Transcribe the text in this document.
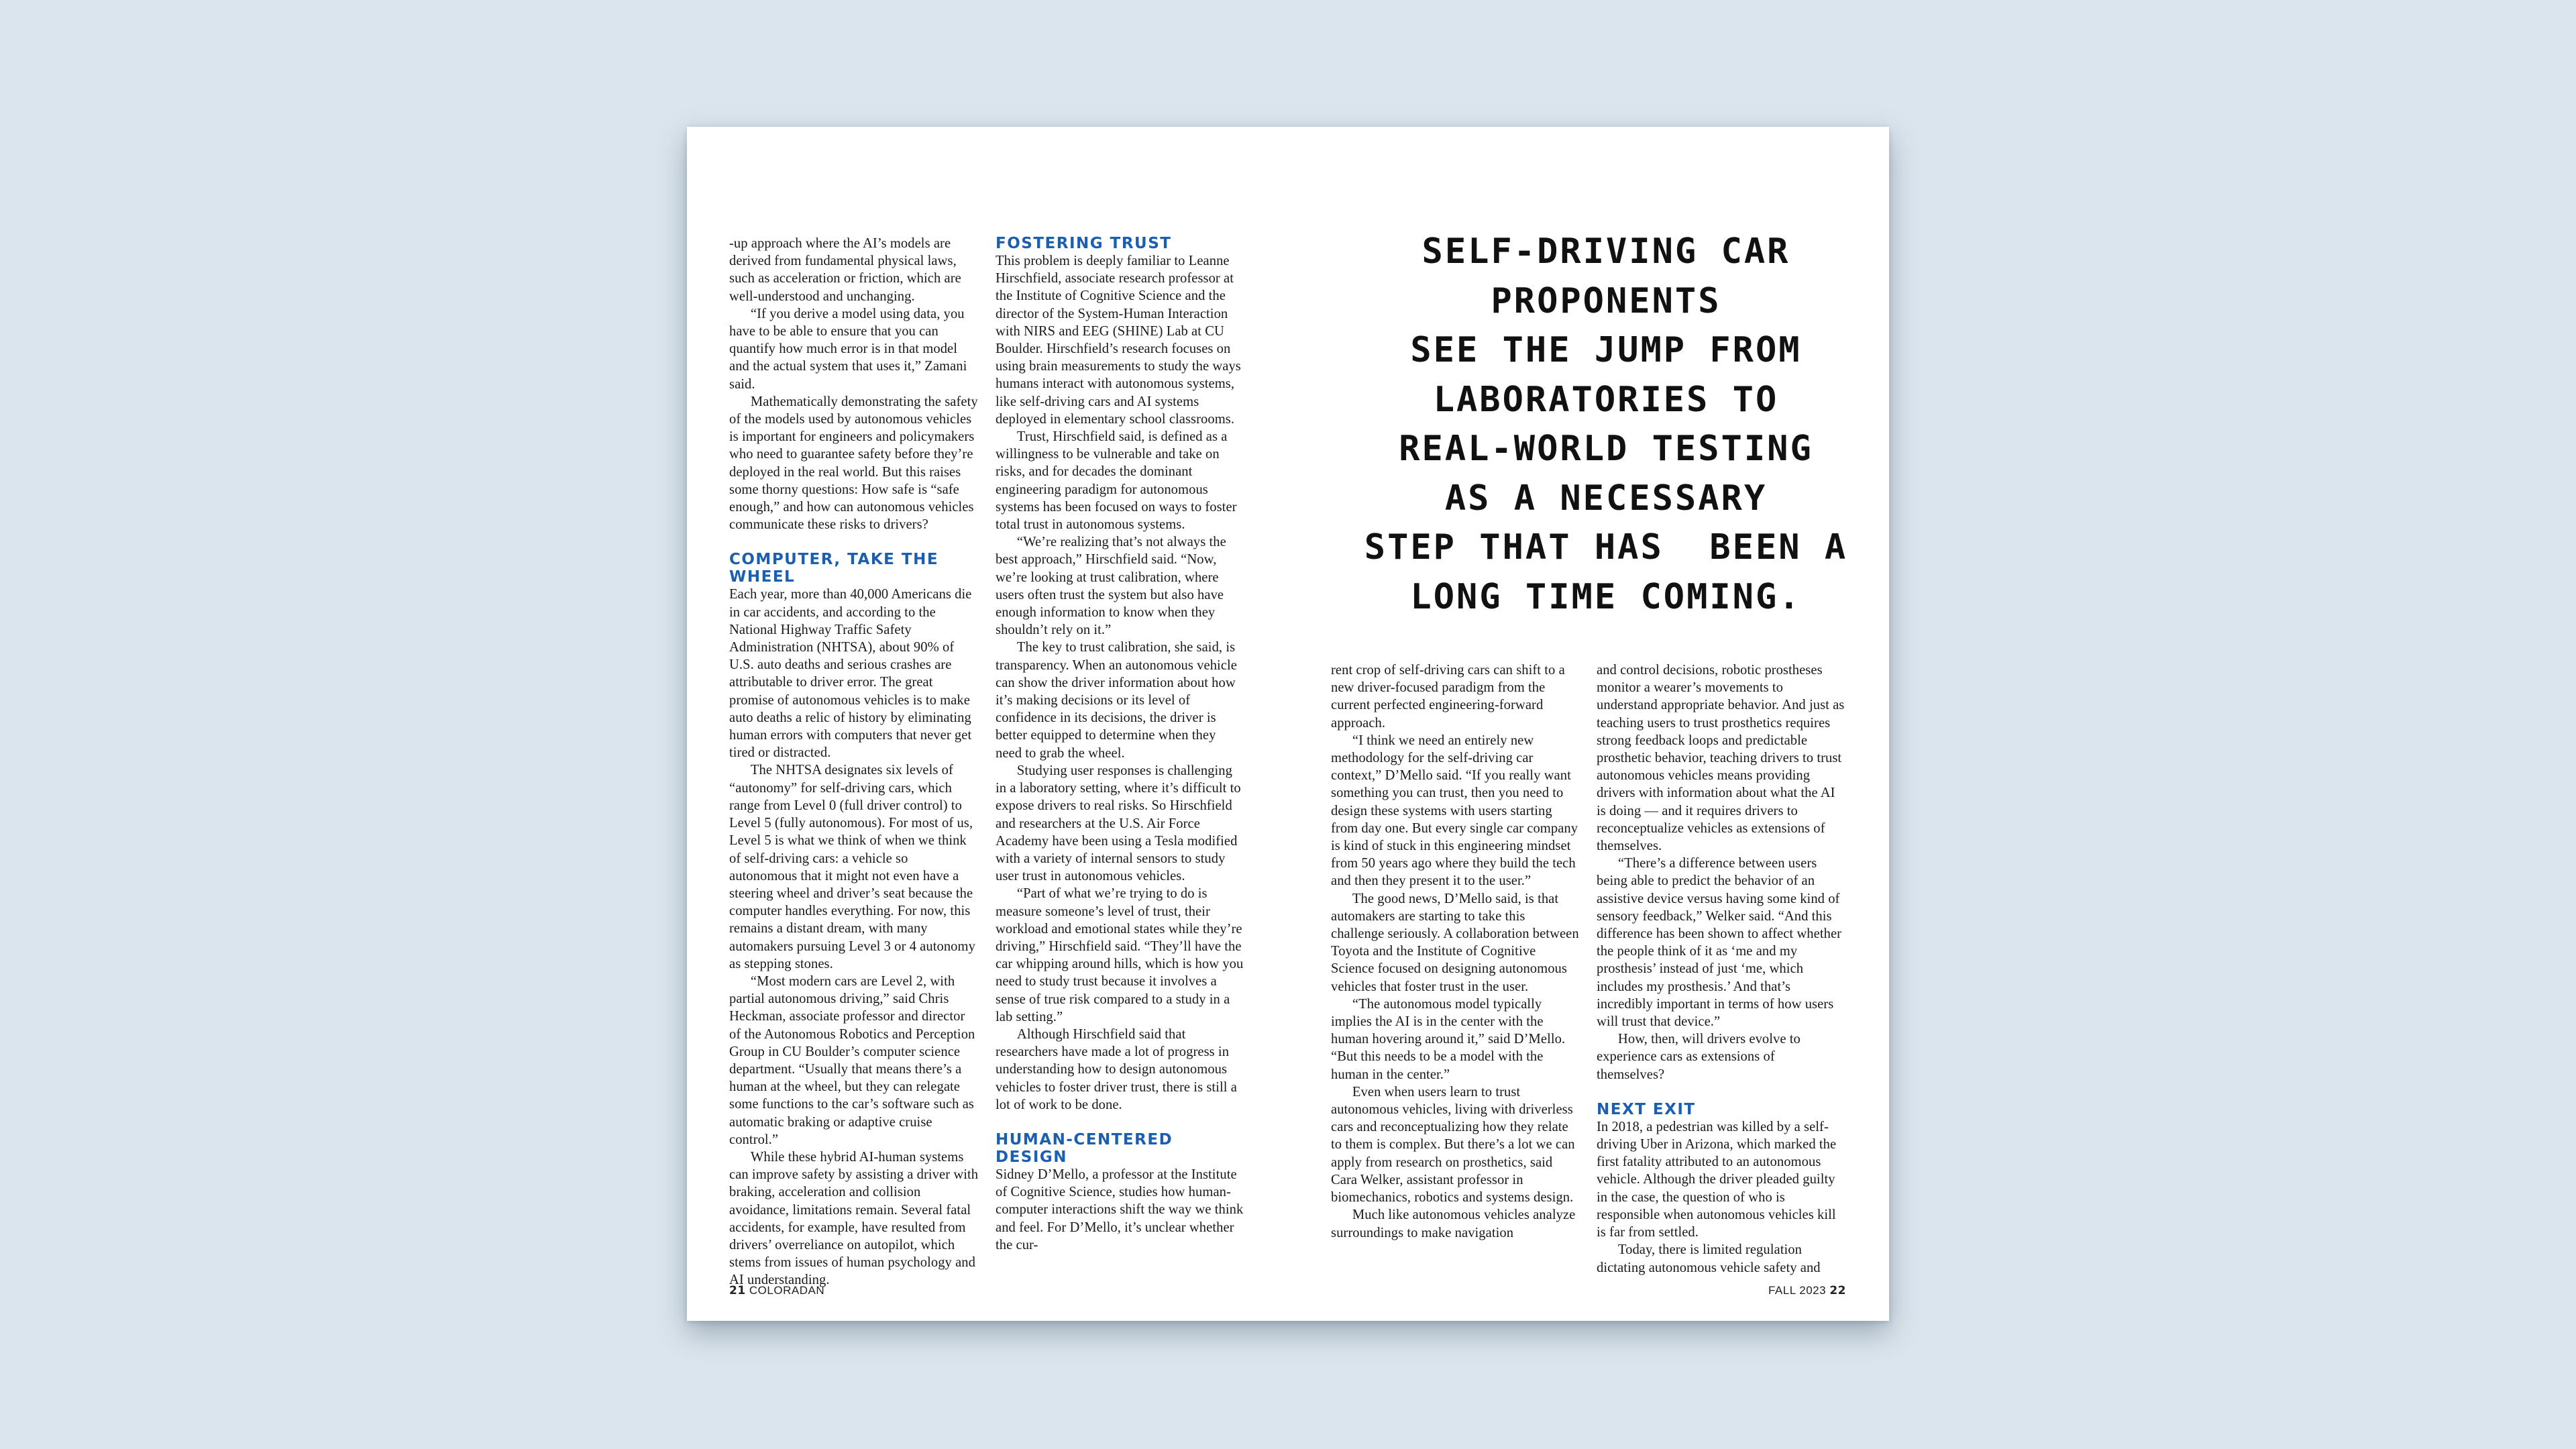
-up approach where the AI’s models are derived from fundamental physical laws, such as acceleration or friction, which are well-understood and unchanging.

“If you derive a model using data, you have to be able to ensure that you can quantify how much error is in that model and the actual system that uses it,” Zamani said.

Mathematically demonstrating the safety of the models used by autonomous vehicles is important for engineers and policymakers who need to guarantee safety before they’re deployed in the real world. But this raises some thorny questions: How safe is “safe enough,” and how can autonomous vehicles communicate these risks to drivers?

COMPUTER, TAKE THE WHEEL

Each year, more than 40,000 Americans die in car accidents, and according to the National Highway Traffic Safety Administration (NHTSA), about 90% of U.S. auto deaths and serious crashes are attributable to driver error. The great promise of autonomous vehicles is to make auto deaths a relic of history by eliminating human errors with computers that never get tired or distracted.

The NHTSA designates six levels of “autonomy” for self-driving cars, which range from Level 0 (full driver control) to Level 5 (fully autonomous). For most of us, Level 5 is what we think of when we think of self-driving cars: a vehicle so autonomous that it might not even have a steering wheel and driver’s seat because the computer handles everything. For now, this remains a distant dream, with many automakers pursuing Level 3 or 4 autonomy as stepping stones.

“Most modern cars are Level 2, with partial autonomous driving,” said Chris Heckman, associate professor and director of the Autonomous Robotics and Perception Group in CU Boulder’s computer science department. “Usually that means there’s a human at the wheel, but they can relegate some functions to the car’s software such as automatic braking or adaptive cruise control.”

While these hybrid AI-human systems can improve safety by assisting a driver with braking, acceleration and collision avoidance, limitations remain. Several fatal accidents, for example, have resulted from drivers’ overreliance on autopilot, which stems from issues of human psychology and AI understanding.

FOSTERING TRUST

This problem is deeply familiar to Leanne Hirschfield, associate research professor at the Institute of Cognitive Science and the director of the System-Human Interaction with NIRS and EEG (SHINE) Lab at CU Boulder. Hirschfield’s research focuses on using brain measurements to study the ways humans interact with autonomous systems, like self-driving cars and AI systems deployed in elementary school classrooms.

Trust, Hirschfield said, is defined as a willingness to be vulnerable and take on risks, and for decades the dominant engineering paradigm for autonomous systems has been focused on ways to foster total trust in autonomous systems.

“We’re realizing that’s not always the best approach,” Hirschfield said. “Now, we’re looking at trust calibration, where users often trust the system but also have enough information to know when they shouldn’t rely on it.”

The key to trust calibration, she said, is transparency. When an autonomous vehicle can show the driver information about how it’s making decisions or its level of confidence in its decisions, the driver is better equipped to determine when they need to grab the wheel.

Studying user responses is challenging in a laboratory setting, where it’s difficult to expose drivers to real risks. So Hirschfield and researchers at the U.S. Air Force Academy have been using a Tesla modified with a variety of internal sensors to study user trust in autonomous vehicles.

“Part of what we’re trying to do is measure someone’s level of trust, their workload and emotional states while they’re driving,” Hirschfield said. “They’ll have the car whipping around hills, which is how you need to study trust because it involves a sense of true risk compared to a study in a lab setting.”

Although Hirschfield said that researchers have made a lot of progress in understanding how to design autonomous vehicles to foster driver trust, there is still a lot of work to be done.

HUMAN-CENTERED DESIGN

Sidney D’Mello, a professor at the Institute of Cognitive Science, studies how human-computer interactions shift the way we think and feel. For D’Mello, it’s unclear whether the cur-

SELF-DRIVING CAR
PROPONENTS
SEE THE JUMP FROM
LABORATORIES TO
REAL-WORLD TESTING
AS A NECESSARY
STEP THAT HAS  BEEN A
LONG TIME COMING.

rent crop of self-driving cars can shift to a new driver-focused paradigm from the current perfected engineering-forward approach.

“I think we need an entirely new methodology for the self-driving car context,” D’Mello said. “If you really want something you can trust, then you need to design these systems with users starting from day one. But every single car company is kind of stuck in this engineering mindset from 50 years ago where they build the tech and then they present it to the user.”

The good news, D’Mello said, is that automakers are starting to take this challenge seriously. A collaboration between Toyota and the Institute of Cognitive Science focused on designing autonomous vehicles that foster trust in the user.

“The autonomous model typically implies the AI is in the center with the human hovering around it,” said D’Mello. “But this needs to be a model with the human in the center.”

Even when users learn to trust autonomous vehicles, living with driverless cars and reconceptualizing how they relate to them is complex. But there’s a lot we can apply from research on prosthetics, said Cara Welker, assistant professor in biomechanics, robotics and systems design.

Much like autonomous vehicles analyze surroundings to make navigation

and control decisions, robotic prostheses monitor a wearer’s movements to understand appropriate behavior. And just as teaching users to trust prosthetics requires strong feedback loops and predictable prosthetic behavior, teaching drivers to trust autonomous vehicles means providing drivers with information about what the AI is doing — and it requires drivers to reconceptualize vehicles as extensions of themselves.

“There’s a difference between users being able to predict the behavior of an assistive device versus having some kind of sensory feedback,” Welker said. “And this difference has been shown to affect whether the people think of it as ‘me and my prosthesis’ instead of just ‘me, which includes my prosthesis.’ And that’s incredibly important in terms of how users will trust that device.”

How, then, will drivers evolve to experience cars as extensions of themselves?

NEXT EXIT

In 2018, a pedestrian was killed by a self-driving Uber in Arizona, which marked the first fatality attributed to an autonomous vehicle. Although the driver pleaded guilty in the case, the question of who is responsible when autonomous vehicles kill is far from settled.

Today, there is limited regulation dictating autonomous vehicle safety and

21 COLORADAN	FALL 2023 22
